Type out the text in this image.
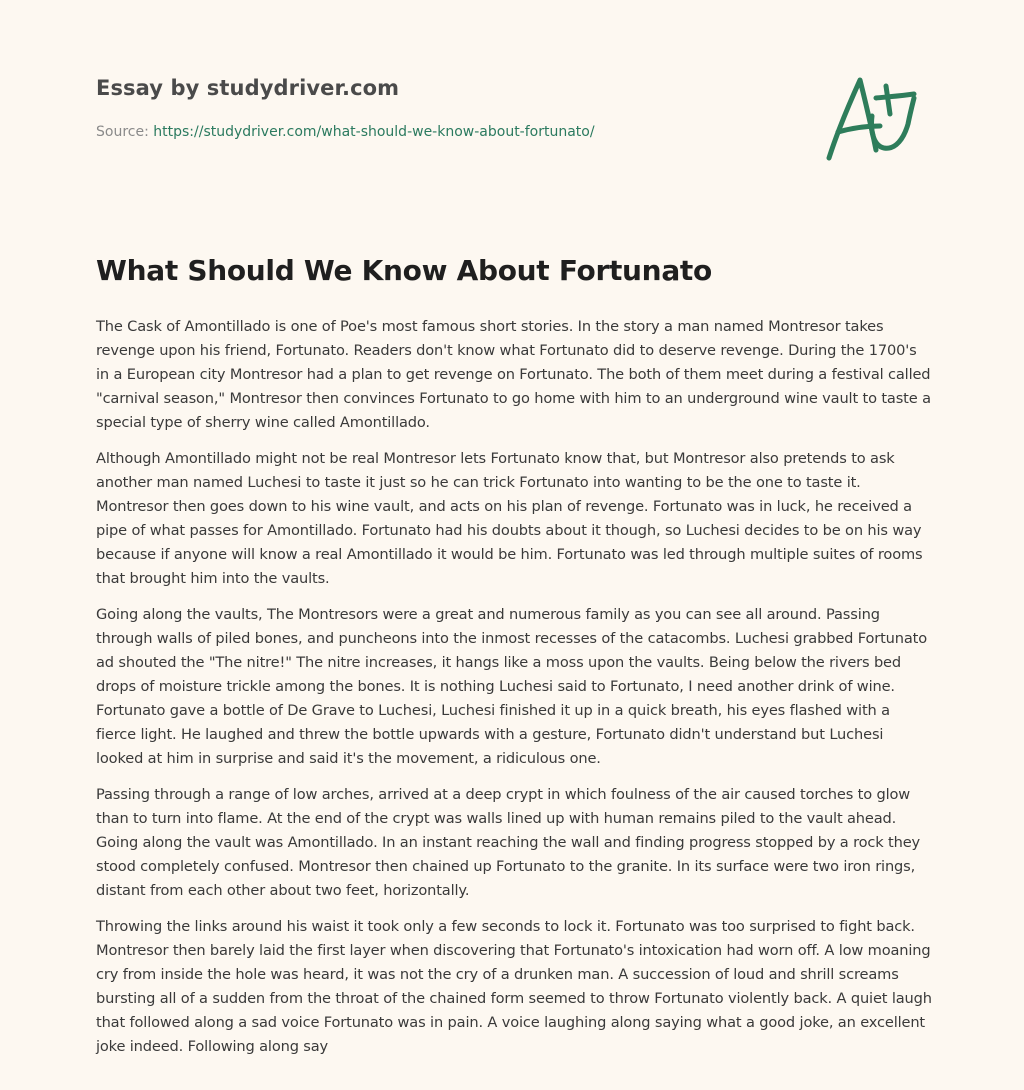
Essay by studydriver.com
Source: https://studydriver.com/what-should-we-know-about-fortunato/
What Should We Know About Fortunato

The Cask of Amontillado is one of Poe's most famous short stories. In the story a man named Montresor takes revenge upon his friend, Fortunato. Readers don't know what Fortunato did to deserve revenge. During the 1700's in a European city Montresor had a plan to get revenge on Fortunato. The both of them meet during a festival called "carnival season," Montresor then convinces Fortunato to go home with him to an underground wine vault to taste a special type of sherry wine called Amontillado.

Although Amontillado might not be real Montresor lets Fortunato know that, but Montresor also pretends to ask another man named Luchesi to taste it just so he can trick Fortunato into wanting to be the one to taste it. Montresor then goes down to his wine vault, and acts on his plan of revenge. Fortunato was in luck, he received a pipe of what passes for Amontillado. Fortunato had his doubts about it though, so Luchesi decides to be on his way because if anyone will know a real Amontillado it would be him. Fortunato was led through multiple suites of rooms that brought him into the vaults.

Going along the vaults, The Montresors were a great and numerous family as you can see all around. Passing through walls of piled bones, and puncheons into the inmost recesses of the catacombs. Luchesi grabbed Fortunato ad shouted the "The nitre!" The nitre increases, it hangs like a moss upon the vaults. Being below the rivers bed drops of moisture trickle among the bones. It is nothing Luchesi said to Fortunato, I need another drink of wine. Fortunato gave a bottle of De Grave to Luchesi, Luchesi finished it up in a quick breath, his eyes flashed with a fierce light. He laughed and threw the bottle upwards with a gesture, Fortunato didn't understand but Luchesi looked at him in surprise and said it's the movement, a ridiculous one.

Passing through a range of low arches, arrived at a deep crypt in which foulness of the air caused torches to glow than to turn into flame. At the end of the crypt was walls lined up with human remains piled to the vault ahead. Going along the vault was Amontillado. In an instant reaching the wall and finding progress stopped by a rock they stood completely confused. Montresor then chained up Fortunato to the granite. In its surface were two iron rings, distant from each other about two feet, horizontally.

Throwing the links around his waist it took only a few seconds to lock it. Fortunato was too surprised to fight back. Montresor then barely laid the first layer when discovering that Fortunato's intoxication had worn off. A low moaning cry from inside the hole was heard, it was not the cry of a drunken man. A succession of loud and shrill screams bursting all of a sudden from the throat of the chained form seemed to throw Fortunato violently back. A quiet laugh that followed along a sad voice Fortunato was in pain. A voice laughing along saying what a good joke, an excellent joke indeed. Following along say
